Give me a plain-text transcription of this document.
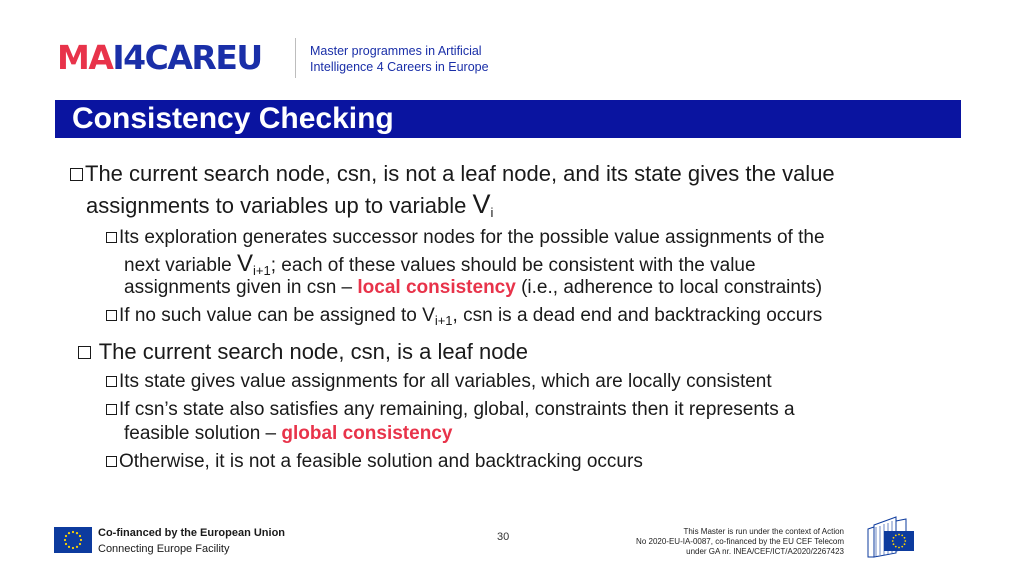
MAI4CAREU	Master programmes in Artificial
Intelligence 4 Careers in Europe
Consistency Checking
The current search node, csn, is not a leaf node, and its state gives the value
assignments to variables up to variable $V_i$
Its exploration generates successor nodes for the possible value assignments of the
next variable $V_{i+1}$; each of these values should be consistent with the value
assignments given in csn – local consistency (i.e., adherence to local constraints)
If no such value can be assigned to $V_{i+1}$, csn is a dead end and backtracking occurs
The current search node, csn, is a leaf node
Its state gives value assignments for all variables, which are locally consistent
If csn’s state also satisfies any remaining, global, constraints then it represents a
feasible solution – global consistency
Otherwise, it is not a feasible solution and backtracking occurs
Co-financed by the European Union
Connecting Europe Facility
30	This Master is run under the context of Action
No 2020-EU-IA-0087, co-financed by the EU CEF Telecom
under GA nr. INEA/CEF/ICT/A2020/2267423
